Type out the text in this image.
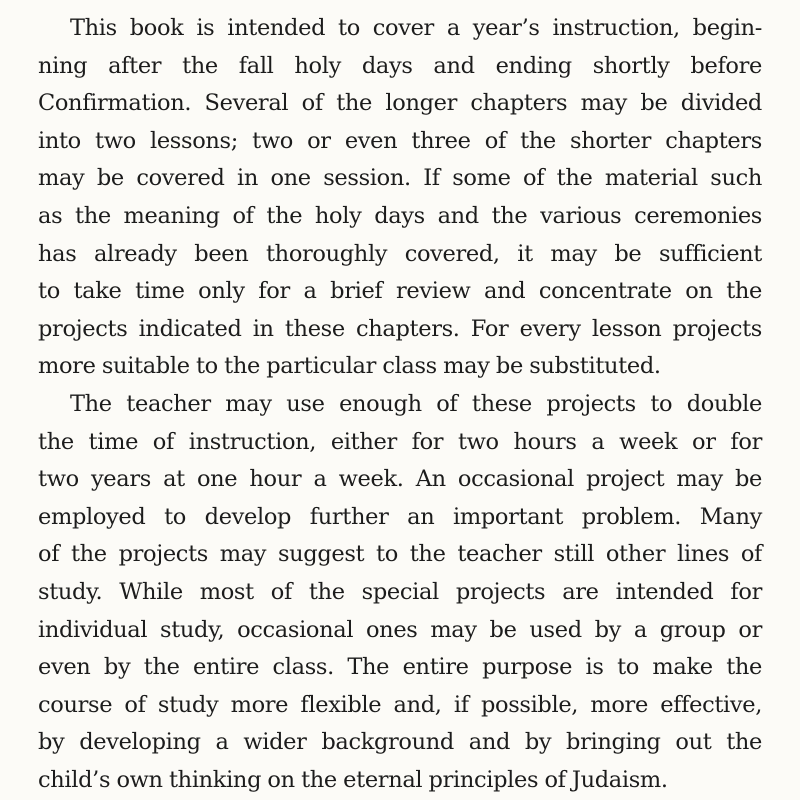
This book is intended to cover a year’s instruction, begin-
ning after the fall holy days and ending shortly before
Confirmation. Several of the longer chapters may be divided
into two lessons; two or even three of the shorter chapters
may be covered in one session. If some of the material such
as the meaning of the holy days and the various ceremonies
has already been thoroughly covered, it may be sufficient
to take time only for a brief review and concentrate on the
projects indicated in these chapters. For every lesson projects
more suitable to the particular class may be substituted.
The teacher may use enough of these projects to double
the time of instruction, either for two hours a week or for
two years at one hour a week. An occasional project may be
employed to develop further an important problem. Many
of the projects may suggest to the teacher still other lines of
study. While most of the special projects are intended for
individual study, occasional ones may be used by a group or
even by the entire class. The entire purpose is to make the
course of study more flexible and, if possible, more effective,
by developing a wider background and by bringing out the
child’s own thinking on the eternal principles of Judaism.
